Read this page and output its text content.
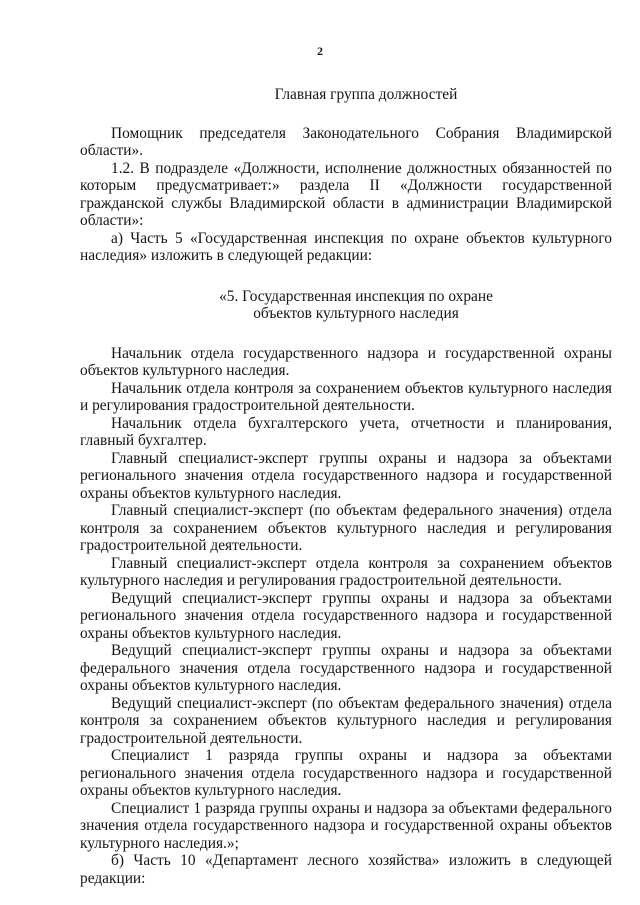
2

Главная группа должностей

Помощник председателя Законодательного Собрания Владимирской области».

1.2. В подразделе «Должности, исполнение должностных обязанностей по которым предусматривает:» раздела II «Должности государственной гражданской службы Владимирской области в администрации Владимирской области»:

а) Часть 5 «Государственная инспекция по охране объектов культурного наследия» изложить в следующей редакции:

«5. Государственная инспекция по охране
объектов культурного наследия

Начальник отдела государственного надзора и государственной охраны объектов культурного наследия.

Начальник отдела контроля за сохранением объектов культурного наследия и регулирования градостроительной деятельности.

Начальник отдела бухгалтерского учета, отчетности и планирования, главный бухгалтер.

Главный специалист-эксперт группы охраны и надзора за объектами регионального значения отдела государственного надзора и государственной охраны объектов культурного наследия.

Главный специалист-эксперт (по объектам федерального значения) отдела контроля за сохранением объектов культурного наследия и регулирования градостроительной деятельности.

Главный специалист-эксперт отдела контроля за сохранением объектов культурного наследия и регулирования градостроительной деятельности.

Ведущий специалист-эксперт группы охраны и надзора за объектами регионального значения отдела государственного надзора и государственной охраны объектов культурного наследия.

Ведущий специалист-эксперт группы охраны и надзора за объектами федерального значения отдела государственного надзора и государственной охраны объектов культурного наследия.

Ведущий специалист-эксперт (по объектам федерального значения) отдела контроля за сохранением объектов культурного наследия и регулирования градостроительной деятельности.

Специалист 1 разряда группы охраны и надзора за объектами регионального значения отдела государственного надзора и государственной охраны объектов культурного наследия.

Специалист 1 разряда группы охраны и надзора за объектами федерального значения отдела государственного надзора и государственной охраны объектов культурного наследия.»;

б) Часть 10 «Департамент лесного хозяйства» изложить в следующей редакции:
